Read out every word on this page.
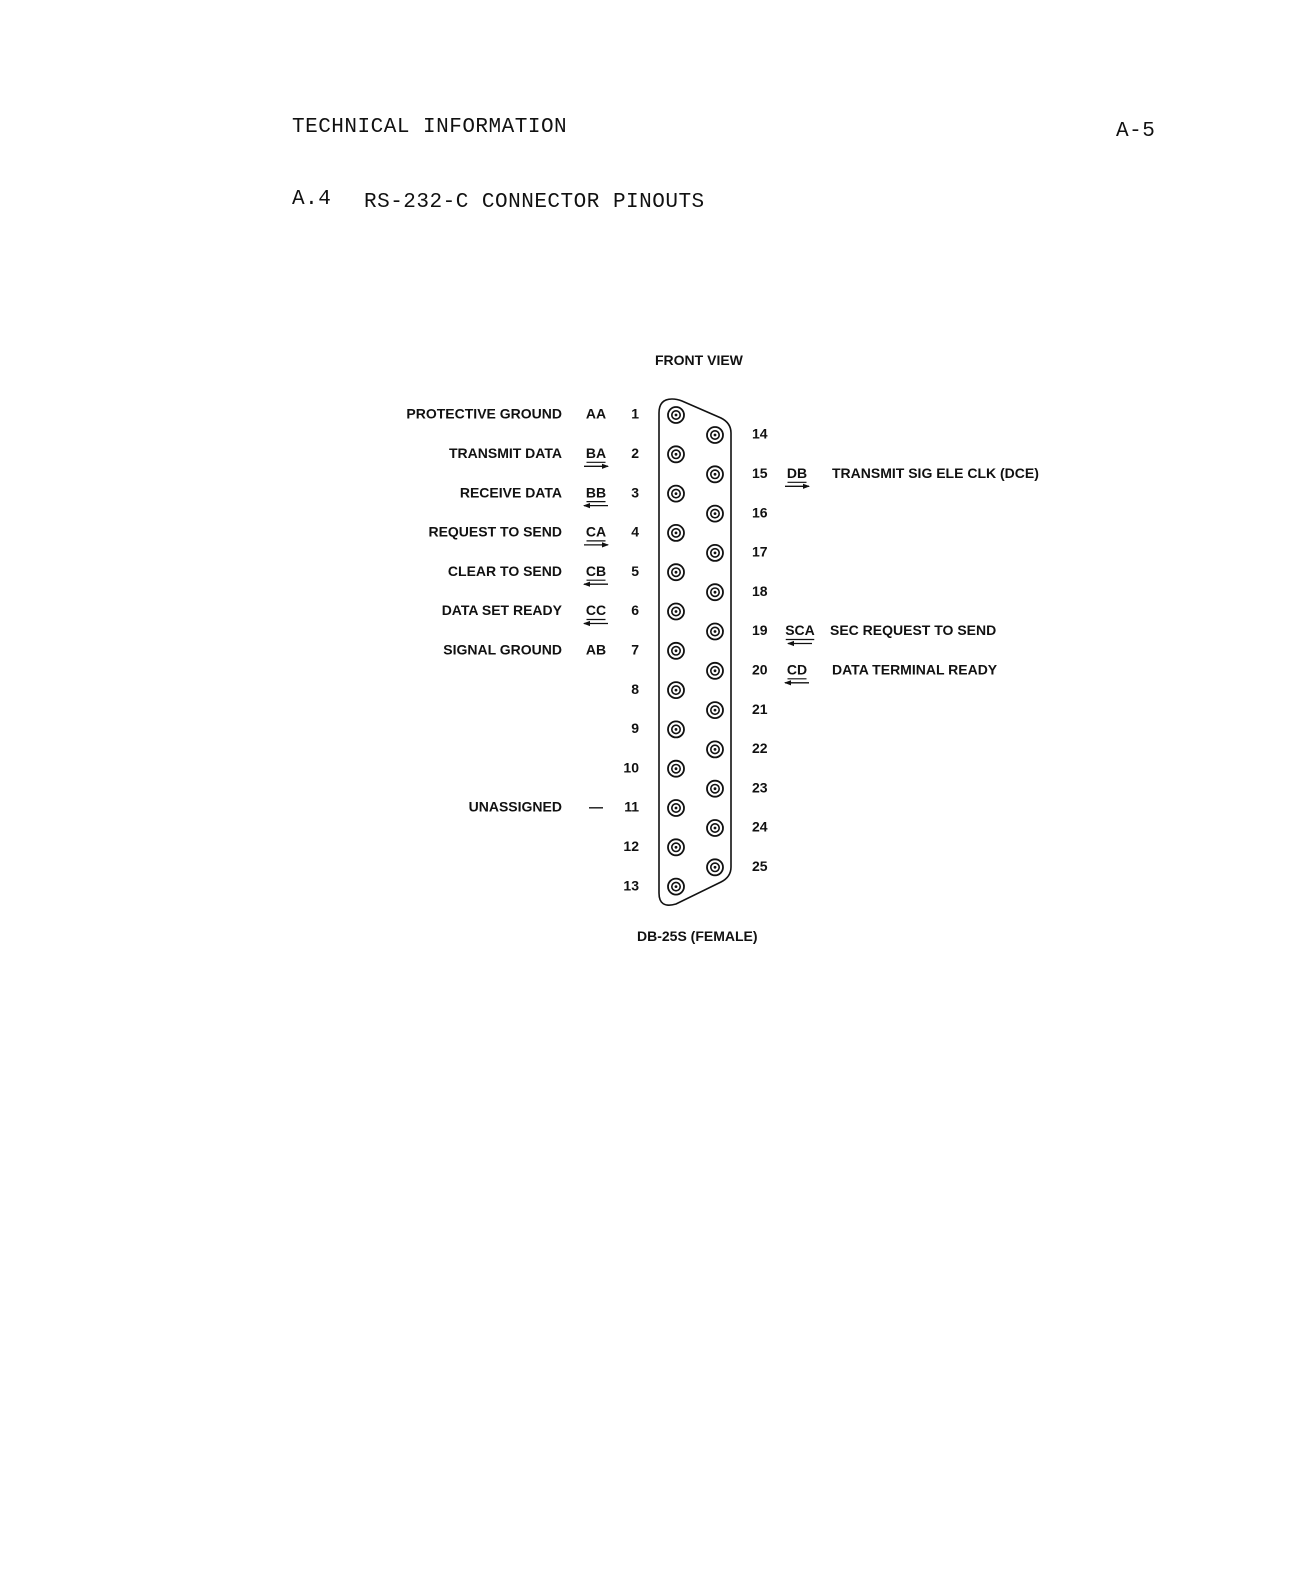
TECHNICAL INFORMATION	A-5
A.4 RS-232-C CONNECTOR PINOUTS
FRONT VIEW
DB-25S (FEMALE)
1
AA
PROTECTIVE GROUND
2
BA
TRANSMIT DATA
3
BB
RECEIVE DATA
4
CA
REQUEST TO SEND
5
CB
CLEAR TO SEND
6
CC
DATA SET READY
7
AB
SIGNAL GROUND
8
9
10
11
—
UNASSIGNED
12
13
14
15 DB TRANSMIT SIG ELE CLK (DCE)
16
17
18
19 SCA SEC REQUEST TO SEND
20 CD DATA TERMINAL READY
21
22
23
24
25
